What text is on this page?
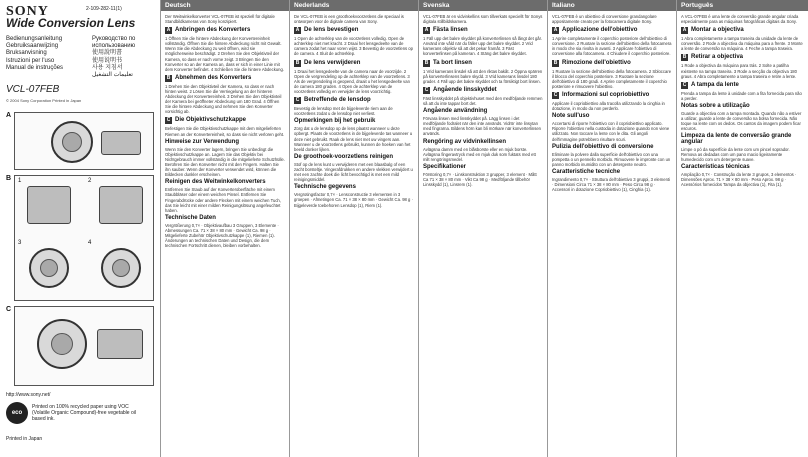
SONY	2-109-282-11(1)
Wide Conversion Lens
Bedienungsanleitung
Gebruiksaanwijzing
Bruksanvisning
Istruzioni per l'uso
Manual de instruções
Руководство по
использованию
使用說明書
使用说明书
사용 지침서
تعليمات التشغيل
VCL-07FEB
© 2004 Sony Corporation Printed in Japan
A
B 1	2
3	4
C
http://www.sony.net/
eco
Printed on 100% recycled paper using VOC (Volatile Organic Compound)-free vegetable oil based ink.
Printed in Japan
Deutsch

Der Weitwinkelkonverter VCL-07FEB ist speziell für digitale Standbildkameras von Sony konzipiert.

A Anbringen des Konverters

1 Öffnen Sie die hintere Abdeckung der Konvertereinheit vollständig. Öffnen Sie die hintere Abdeckung nicht mit Gewalt. Wenn Sie die Abdeckung zu weit öffnen, wird sie möglicherweise beschädigt. 2 Drehen Sie den Objektivteil der Kamera, so dass er nach vorne zeigt. 3 Bringen Sie den Konverter so an der Kamera an, dass er sich in einer Linie mit dem Konverter befindet. 4 Schließen Sie die hintere Abdeckung.

B Abnehmen des Konverters

1 Drehen Sie den Objektivteil der Kamera, so dass er nach hinten weist. 2 Lösen Sie die Verriegelung an der hinteren Abdeckung der Konvertereinheit. 3 Drehen Sie den Objektivteil der Kamera bei geöffneter Abdeckung um 180 Grad. 4 Öffnen Sie die hintere Abdeckung und nehmen Sie den Konverter vorsichtig ab.

C Die Objektivschutzkappe

Befestigen Sie die Objektivschutzkappe mit dem mitgelieferten Riemen an der Konvertereinheit, so dass sie nicht verloren geht.

Hinweise zur Verwendung

Wenn Sie den Konverter lagern, bringen Sie unbedingt die Objektivschutzkappe an. Lagern Sie das Objektiv bei Nichtgebrauch immer vollständig in die mitgelieferte Schutzhülle. Berühren Sie den Konverter nicht mit den Fingern. Halten Sie ihn sauber. Wenn der Konverter verwendet wird, können die Bildecken dunkler erscheinen.

Reinigen des Weitwinkelkonverters

Entfernen Sie Staub auf der Konverteroberfläche mit einem Staubbläser oder einem weichen Pinsel. Entfernen Sie Fingerabdrücke oder andere Flecken mit einem weichen Tuch, das Sie leicht mit einer milden Reinigungslösung angefeuchtet haben.

Technische Daten

Vergrößerung 0,7× · Objektivaufbau 3 Gruppen, 3 Elemente · Abmessungen Ca. 71 × 38 × 80 mm · Gewicht Ca. 98 g · Mitgelieferte Zubehör Objektivschutzkappe (1), Riemen (1). Änderungen an technischen Daten und Design, die dem technischen Fortschritt dienen, bleiben vorbehalten.

Nederlands

De VCL-07FEB is een groothoekvoorzetlens die speciaal is ontworpen voor de digitale camera van Sony.

A De lens bevestigen

1 Open de achterklep van de voorzetlens volledig. Open de achterklep niet met kracht. 2 Draai het lensgedeelte van de camera zodat het naar voren wijst. 3 Bevestig de voorzetlens op de camera. 4 Sluit de achterklep.

B De lens verwijderen

1 Draai het lensgedeelte van de camera naar de voorzijde. 2 Open de vergrendeling op de achterklep van de voorzetlens. 3 Als de vergrendeling is geopend, draait u het lensgedeelte van de camera 180 graden. 4 Open de achterklep van de voorzetlens volledig en verwijder de lens voorzichtig.

C Betreffende de lensdop

Bevestig de lensdop met de bijgeleverde riem aan de voorzetlens zodat u de lensdop niet verliest.

Opmerkingen bij het gebruik

Zorg dat u de lensdop op de lens plaatst wanneer u deze opbergt. Plaats de voorzetlens in de bijgeleverde tas wanneer u deze niet gebruikt. Raak de lens niet met uw vingers aan. Wanneer u de voorzetlens gebruikt, kunnen de hoeken van het beeld donker lijken.

De groothoek-voorzetlens reinigen

Stof op de lens kunt u verwijderen met een blaasbalg of een zacht borsteltje. Vingerafdrukken en andere vlekken verwijdert u met een zachte doek die licht bevochtigd is met een mild reinigingsmiddel.

Technische gegevens

Vergrotingsfactor 0,7× · Lensconstructie 3 elementen in 3 groepen · Afmetingen Ca. 71 × 38 × 80 mm · Gewicht Ca. 98 g · Bijgeleverde toebehoren Lensdop (1), Riem (1).

Svenska

VCL-07FEB är en vidvinkellins som tillverkats speciellt för Sonys digitala stillbildskamera.

A Fästa linsen

1 Fäll upp det bakre skyddet på konverterlinsen så långt det går. Använd inte våld när du fäller upp det bakre skyddet. 2 Vrid kamerans objektiv så att det pekar framåt. 3 Fäst konverterlinsen på kameran. 4 Stäng det bakre skyddet.

B Ta bort linsen

1 Vrid kamerans linsdel så att den riktas bakåt. 2 Öppna spärren på konverterlinsens bakre skydd. 3 Vrid kamerans linsdel 180 grader. 4 Fäll upp det bakre skyddet och ta försiktigt bort linsen.

C Angående linsskyddet

Fäst linsskyddet på objektivhuset med den medföljande remmen så att du inte tappar bort det.

Angående användning

Förvara linsen med linsskyddet på. Lägg linsen i det medföljande fodralet när den inte används. Vidrör inte linsytan med fingrarna. Bildens hörn kan bli mörkare när konverterlinsen används.

Rengöring av vidvinkellinsen

Avlägsna damm med en blåsborste eller en mjuk borste. Avlägsna fingeravtryck med en mjuk duk som fuktats med ett milt rengöringsmedel.

Specifikationer

Förstoring 0,7× · Linskonstruktion 3 grupper, 3 element · Mått Ca 71 × 38 × 80 mm · Vikt Ca 98 g · Medföljande tillbehör Linsskydd (1), Linsrem (1).

Italiano

VCL-07FEB è un obiettivo di conversione grandangolare appositamente creato per la fotocamera digitale Sony.

A Applicazione dell'obiettivo

1 Aprire completamente il coperchio posteriore dell'obiettivo di conversione. 2 Ruotare la sezione dell'obiettivo della fotocamera in modo che sia rivolta in avanti. 3 Applicare l'obiettivo di conversione alla fotocamera. 4 Chiudere il coperchio posteriore.

B Rimozione dell'obiettivo

1 Ruotare la sezione dell'obiettivo della fotocamera. 2 Sbloccare il blocco del coperchio posteriore. 3 Ruotare la sezione dell'obiettivo di 180 gradi. 4 Aprire completamente il coperchio posteriore e rimuovere l'obiettivo.

C Informazioni sul copriobiettivo

Applicare il copriobiettivo alla tracolla utilizzando la cinghia in dotazione, in modo da non perderlo.

Note sull'uso

Accertarsi di riporre l'obiettivo con il copriobiettivo applicato. Riporre l'obiettivo nella custodia in dotazione quando non viene utilizzato. Non toccare la lente con le dita. Gli angoli dell'immagine potrebbero risultare scuri.

Pulizia dell'obiettivo di conversione

Eliminare la polvere dalla superficie dell'obiettivo con una pompetta o un pennello morbido. Rimuovere le impronte con un panno morbido inumidito con un detergente neutro.

Caratteristiche tecniche

Ingrandimento 0,7× · Struttura dell'obiettivo 3 gruppi, 3 elementi · Dimensioni Circa 71 × 38 × 80 mm · Peso Circa 98 g · Accessori in dotazione Copriobiettivo (1), Cinghia (1).

Português

A VCL-07FEB é uma lente de conversão grande angular criada especialmente para as máquinas fotográficas digitais da Sony.

A Montar a objectiva

1 Abra completamente a tampa traseira da unidade da lente de conversão. 2 Rode a objectiva da máquina para a frente. 3 Monte a lente de conversão na máquina. 4 Feche a tampa traseira.

B Retirar a objectiva

1 Rode a objectiva da máquina para trás. 2 Solte a patilha existente na tampa traseira. 3 Rode a secção da objectiva 180 graus. 4 Abra completamente a tampa traseira e retire a lente.

C A tampa da lente

Prenda a tampa da lente à unidade com a fita fornecida para não a perder.

Notas sobre a utilização

Guarde a objectiva com a tampa montada. Quando não a estiver a utilizar, guarde a lente de conversão na bolsa fornecida. Não toque na lente com os dedos. Os cantos da imagem podem ficar escuros.

Limpeza da lente de conversão grande angular

Limpe o pó da superfície da lente com um pincel soprador. Remova as dedadas com um pano macio ligeiramente humedecido com um detergente suave.

Características técnicas

Ampliação 0,7× · Construção da lente 3 grupos, 3 elementos · Dimensões Aprox. 71 × 38 × 80 mm · Peso Aprox. 98 g · Acessórios fornecidos Tampa da objectiva (1), Fita (1).
